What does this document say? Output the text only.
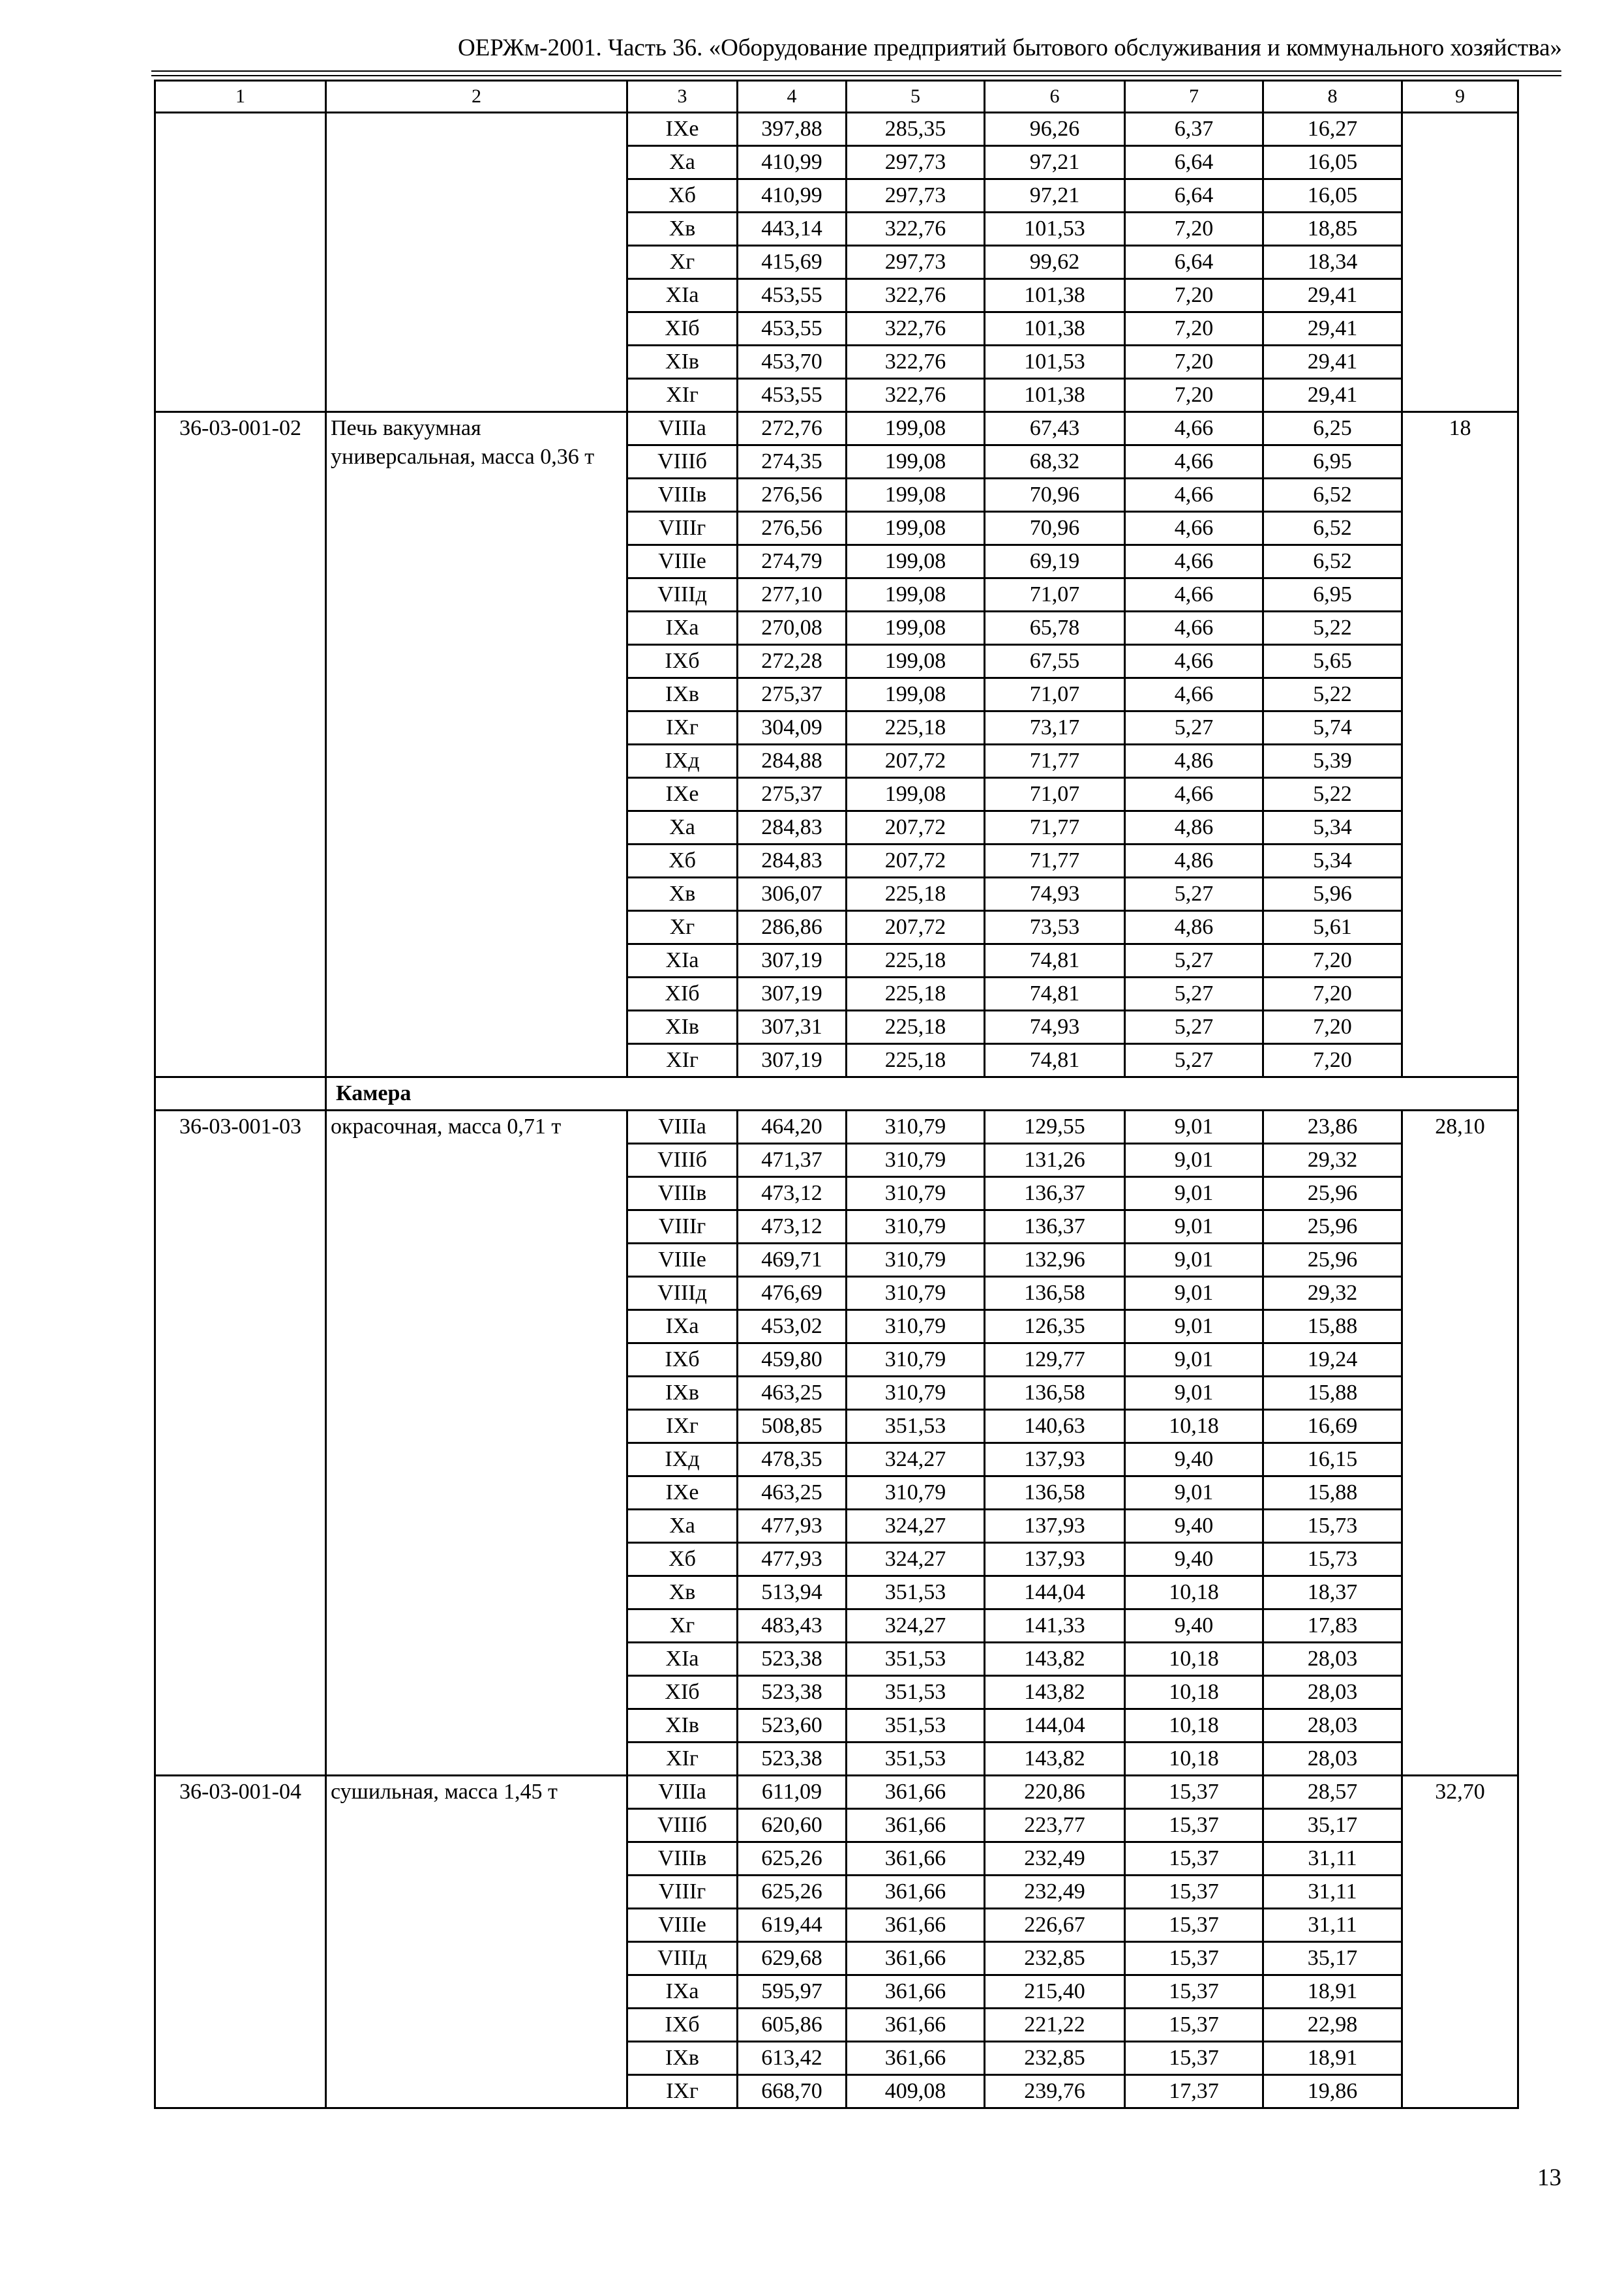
ОЕРЖм-2001. Часть 36. «Оборудование предприятий бытового обслуживания и коммунального хозяйства»
1	2	3	4	5	6	7	8	9
		IXе	397,88	285,35	96,26	6,37	16,27	
		Xа	410,99	297,73	97,21	6,64	16,05	
		Xб	410,99	297,73	97,21	6,64	16,05	
		Xв	443,14	322,76	101,53	7,20	18,85	
		Xг	415,69	297,73	99,62	6,64	18,34	
		XIа	453,55	322,76	101,38	7,20	29,41	
		XIб	453,55	322,76	101,38	7,20	29,41	
		XIв	453,70	322,76	101,53	7,20	29,41	
		XIг	453,55	322,76	101,38	7,20	29,41	
36-03-001-02	Печь вакуумная универсальная, масса 0,36 т	VIIIа	272,76	199,08	67,43	4,66	6,25	18
		VIIIб	274,35	199,08	68,32	4,66	6,95	
		VIIIв	276,56	199,08	70,96	4,66	6,52	
		VIIIг	276,56	199,08	70,96	4,66	6,52	
		VIIIе	274,79	199,08	69,19	4,66	6,52	
		VIIIд	277,10	199,08	71,07	4,66	6,95	
		IXа	270,08	199,08	65,78	4,66	5,22	
		IXб	272,28	199,08	67,55	4,66	5,65	
		IXв	275,37	199,08	71,07	4,66	5,22	
		IXг	304,09	225,18	73,17	5,27	5,74	
		IXд	284,88	207,72	71,77	4,86	5,39	
		IXе	275,37	199,08	71,07	4,66	5,22	
		Xа	284,83	207,72	71,77	4,86	5,34	
		Xб	284,83	207,72	71,77	4,86	5,34	
		Xв	306,07	225,18	74,93	5,27	5,96	
		Xг	286,86	207,72	73,53	4,86	5,61	
		XIа	307,19	225,18	74,81	5,27	7,20	
		XIб	307,19	225,18	74,81	5,27	7,20	
		XIв	307,31	225,18	74,93	5,27	7,20	
		XIг	307,19	225,18	74,81	5,27	7,20	
	Камера							
36-03-001-03	окрасочная, масса 0,71 т	VIIIа	464,20	310,79	129,55	9,01	23,86	28,10
		VIIIб	471,37	310,79	131,26	9,01	29,32	
		VIIIв	473,12	310,79	136,37	9,01	25,96	
		VIIIг	473,12	310,79	136,37	9,01	25,96	
		VIIIе	469,71	310,79	132,96	9,01	25,96	
		VIIIд	476,69	310,79	136,58	9,01	29,32	
		IXа	453,02	310,79	126,35	9,01	15,88	
		IXб	459,80	310,79	129,77	9,01	19,24	
		IXв	463,25	310,79	136,58	9,01	15,88	
		IXг	508,85	351,53	140,63	10,18	16,69	
		IXд	478,35	324,27	137,93	9,40	16,15	
		IXе	463,25	310,79	136,58	9,01	15,88	
		Xа	477,93	324,27	137,93	9,40	15,73	
		Xб	477,93	324,27	137,93	9,40	15,73	
		Xв	513,94	351,53	144,04	10,18	18,37	
		Xг	483,43	324,27	141,33	9,40	17,83	
		XIа	523,38	351,53	143,82	10,18	28,03	
		XIб	523,38	351,53	143,82	10,18	28,03	
		XIв	523,60	351,53	144,04	10,18	28,03	
		XIг	523,38	351,53	143,82	10,18	28,03	
36-03-001-04	сушильная, масса 1,45 т	VIIIа	611,09	361,66	220,86	15,37	28,57	32,70
		VIIIб	620,60	361,66	223,77	15,37	35,17	
		VIIIв	625,26	361,66	232,49	15,37	31,11	
		VIIIг	625,26	361,66	232,49	15,37	31,11	
		VIIIе	619,44	361,66	226,67	15,37	31,11	
		VIIIд	629,68	361,66	232,85	15,37	35,17	
		IXа	595,97	361,66	215,40	15,37	18,91	
		IXб	605,86	361,66	221,22	15,37	22,98	
		IXв	613,42	361,66	232,85	15,37	18,91	
		IXг	668,70	409,08	239,76	17,37	19,86	
13
